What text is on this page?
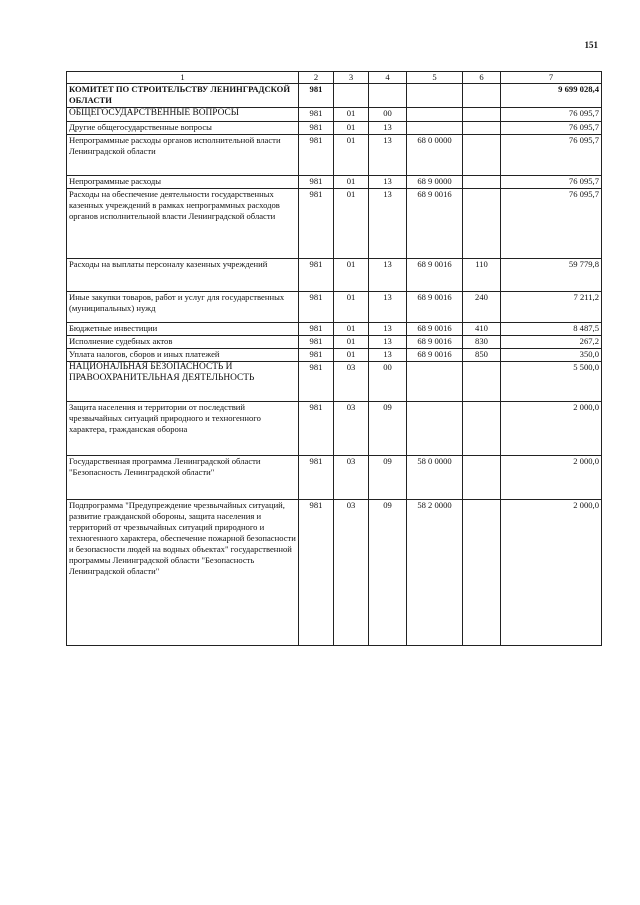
151
1	2	3	4	5	6	7
КОМИТЕТ ПО СТРОИТЕЛЬСТВУ ЛЕНИНГРАДСКОЙ ОБЛАСТИ	981					9 699 028,4
ОБЩЕГОСУДАРСТВЕННЫЕ ВОПРОСЫ	981	01	00			76 095,7
Другие общегосударственные вопросы	981	01	13			76 095,7
Непрограммные расходы органов исполнительной власти Ленинградской области	981	01	13	68 0 0000		76 095,7
Непрограммные расходы	981	01	13	68 9 0000		76 095,7
Расходы на обеспечение деятельности государственных казенных учреждений в рамках непрограммных расходов органов исполнительной власти Ленинградской области	981	01	13	68 9 0016		76 095,7
Расходы на выплаты персоналу казенных учреждений	981	01	13	68 9 0016	110	59 779,8
Иные закупки товаров, работ и услуг для государственных (муниципальных) нужд	981	01	13	68 9 0016	240	7 211,2
Бюджетные инвестиции	981	01	13	68 9 0016	410	8 487,5
Исполнение судебных актов	981	01	13	68 9 0016	830	267,2
Уплата налогов, сборов и иных платежей	981	01	13	68 9 0016	850	350,0
НАЦИОНАЛЬНАЯ БЕЗОПАСНОСТЬ И ПРАВООХРАНИТЕЛЬНАЯ ДЕЯТЕЛЬНОСТЬ	981	03	00			5 500,0
Защита населения и территории от последствий чрезвычайных ситуаций природного и техногенного характера, гражданская оборона	981	03	09			2 000,0
Государственная программа Ленинградской области "Безопасность Ленинградской области"	981	03	09	58 0 0000		2 000,0
Подпрограмма "Предупреждение чрезвычайных ситуаций, развитие гражданской обороны, защита населения и территорий от чрезвычайных ситуаций природного и техногенного характера, обеспечение пожарной безопасности и безопасности людей на водных объектах" государственной программы Ленинградской области "Безопасность Ленинградской области"	981	03	09	58 2 0000		2 000,0
